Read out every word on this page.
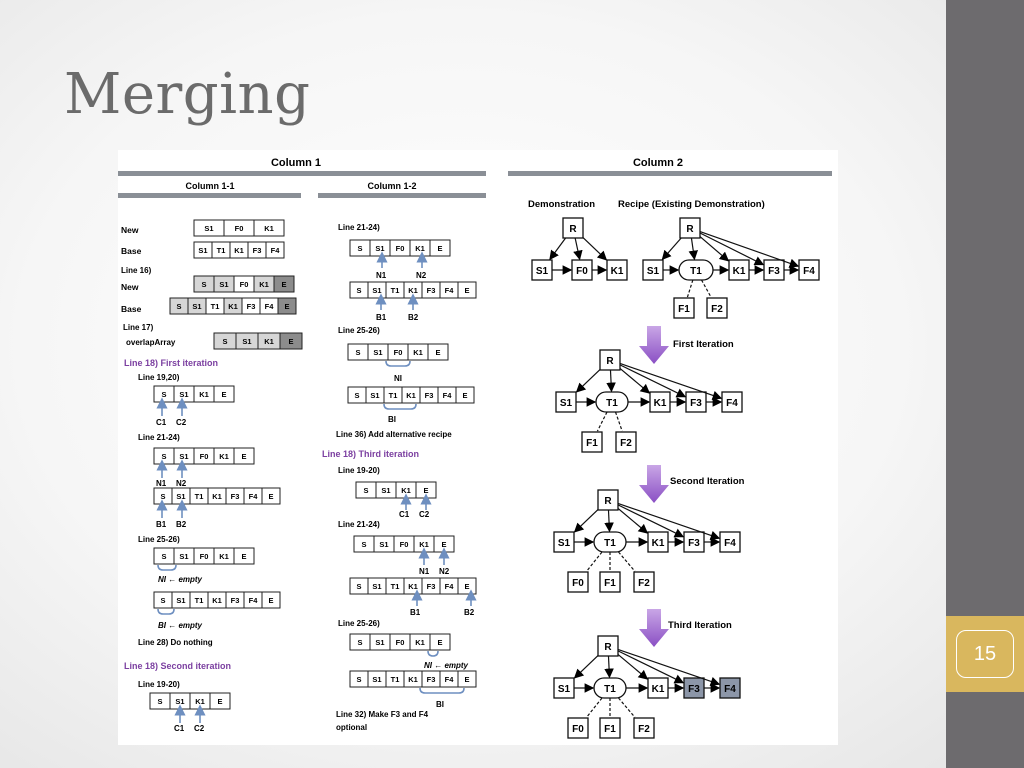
Merging
15
Column 1	Column 2
Column 1-1	Column 1-2
New
Base
Line 16)
New
Base
Line 17)
overlapArray
Line 18) First iteration
Line 19,20)
Line 21-24)
Line 25-26)
NI ← empty
BI ← empty
Line 28) Do nothing
Line 18) Second iteration
Line 19-20)
C1 C2
N1 N2
B1 B2
C1 C2
Line 21-24)
N1	N2
B1	B2
Line 25-26)
NI
BI
Line 36) Add alternative recipe
Line 18) Third iteration
Line 19-20)
C1 C2
Line 21-24)
N1 N2
B1	B2
Line 25-26)
NI ← empty
BI
Line 32) Make F3 and F4
optional
Demonstration Recipe (Existing Demonstration)
First Iteration
Second Iteration
Third Iteration
S1	F0	K1
S1 T1 K1 F3 F4
S S1 F0 K1 E
S S1 T1 K1 F3 F4 E
S S1 K1 E
S S1 K1 E
S S1 F0 K1 E
S S1 T1 K1 F3 F4 E
S S1 F0 K1 E
S S1 T1 K1 F3 F4 E
S S1 K1 E
S S1 F0 K1 E
S S1 T1 K1 F3 F4 E
S S1 F0 K1 E
S S1 T1 K1 F3 F4 E
S S1 K1 E
S S1 F0 K1 E
S S1 T1 K1 F3 F4 E
S S1 F0 K1 E
S S1 T1 K1 F3 F4 E
R
S1	F0 K1
R
S1	T1	K1 F3 F4
F1 F2
R
S1	T1	K1 F3 F4
F1 F2
R
S1	T1	K1 F3 F4
F0 F1 F2
R
S1	T1	K1 F3 F4
F0 F1 F2
